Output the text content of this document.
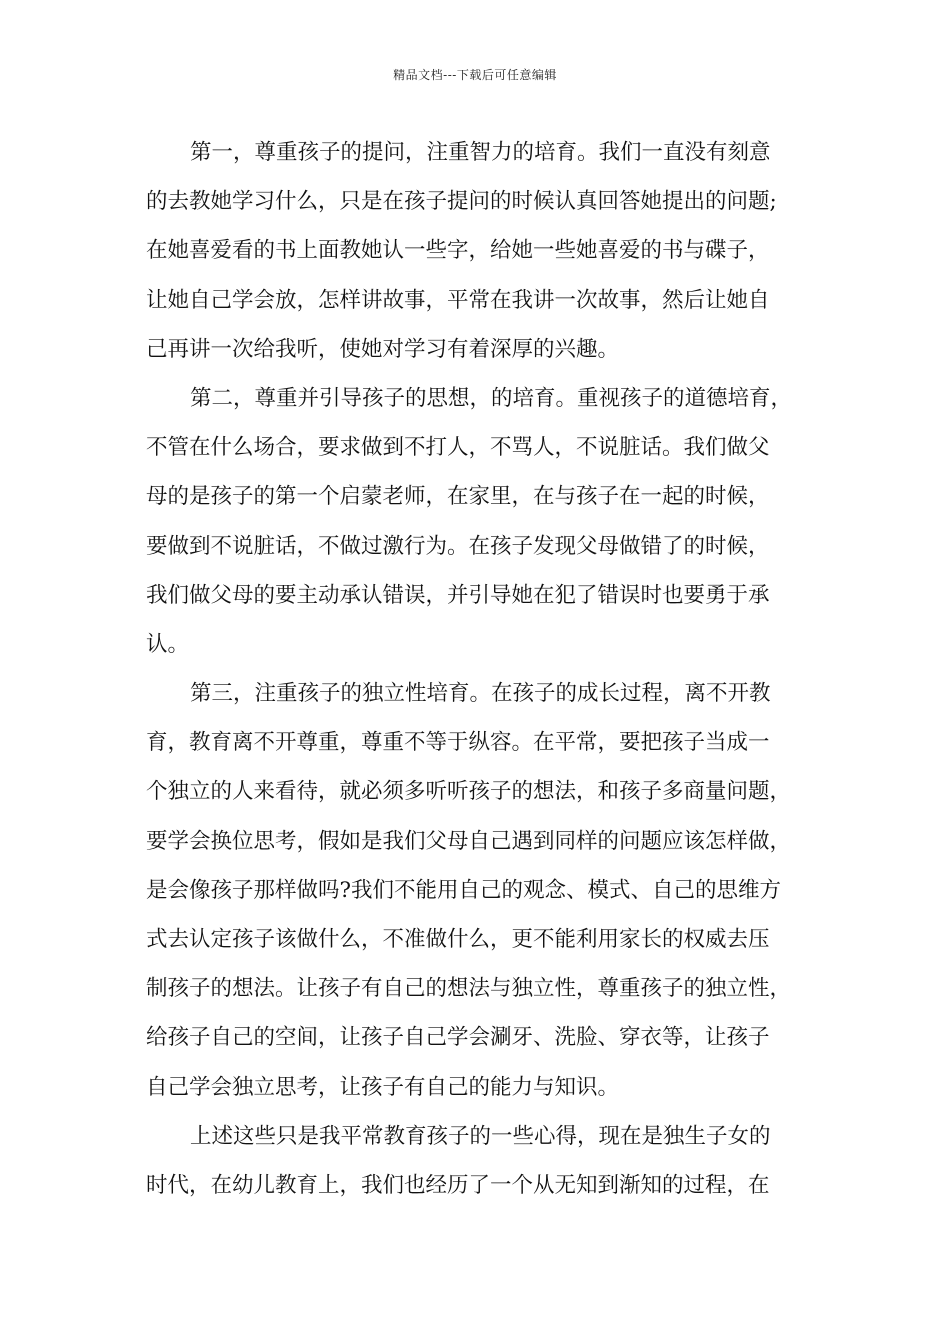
精品文档---下载后可任意编辑
第一，尊重孩子的提问，注重智力的培育。我们一直没有刻意
的去教她学习什么，只是在孩子提问的时候认真回答她提出的问题;
在她喜爱看的书上面教她认一些字，给她一些她喜爱的书与碟子，
让她自己学会放，怎样讲故事，平常在我讲一次故事，然后让她自
己再讲一次给我听，使她对学习有着深厚的兴趣。
第二，尊重并引导孩子的思想，的培育。重视孩子的道德培育，
不管在什么场合，要求做到不打人，不骂人，不说脏话。我们做父
母的是孩子的第一个启蒙老师，在家里，在与孩子在一起的时候，
要做到不说脏话，不做过激行为。在孩子发现父母做错了的时候，
我们做父母的要主动承认错误，并引导她在犯了错误时也要勇于承
认。
第三，注重孩子的独立性培育。在孩子的成长过程，离不开教
育，教育离不开尊重，尊重不等于纵容。在平常，要把孩子当成一
个独立的人来看待，就必须多听听孩子的想法，和孩子多商量问题，
要学会换位思考，假如是我们父母自己遇到同样的问题应该怎样做，
是会像孩子那样做吗?我们不能用自己的观念、模式、自己的思维方
式去认定孩子该做什么，不准做什么，更不能利用家长的权威去压
制孩子的想法。让孩子有自己的想法与独立性，尊重孩子的独立性，
给孩子自己的空间，让孩子自己学会涮牙、洗脸、穿衣等，让孩子
自己学会独立思考，让孩子有自己的能力与知识。
上述这些只是我平常教育孩子的一些心得，现在是独生子女的
时代，在幼儿教育上，我们也经历了一个从无知到渐知的过程，在
